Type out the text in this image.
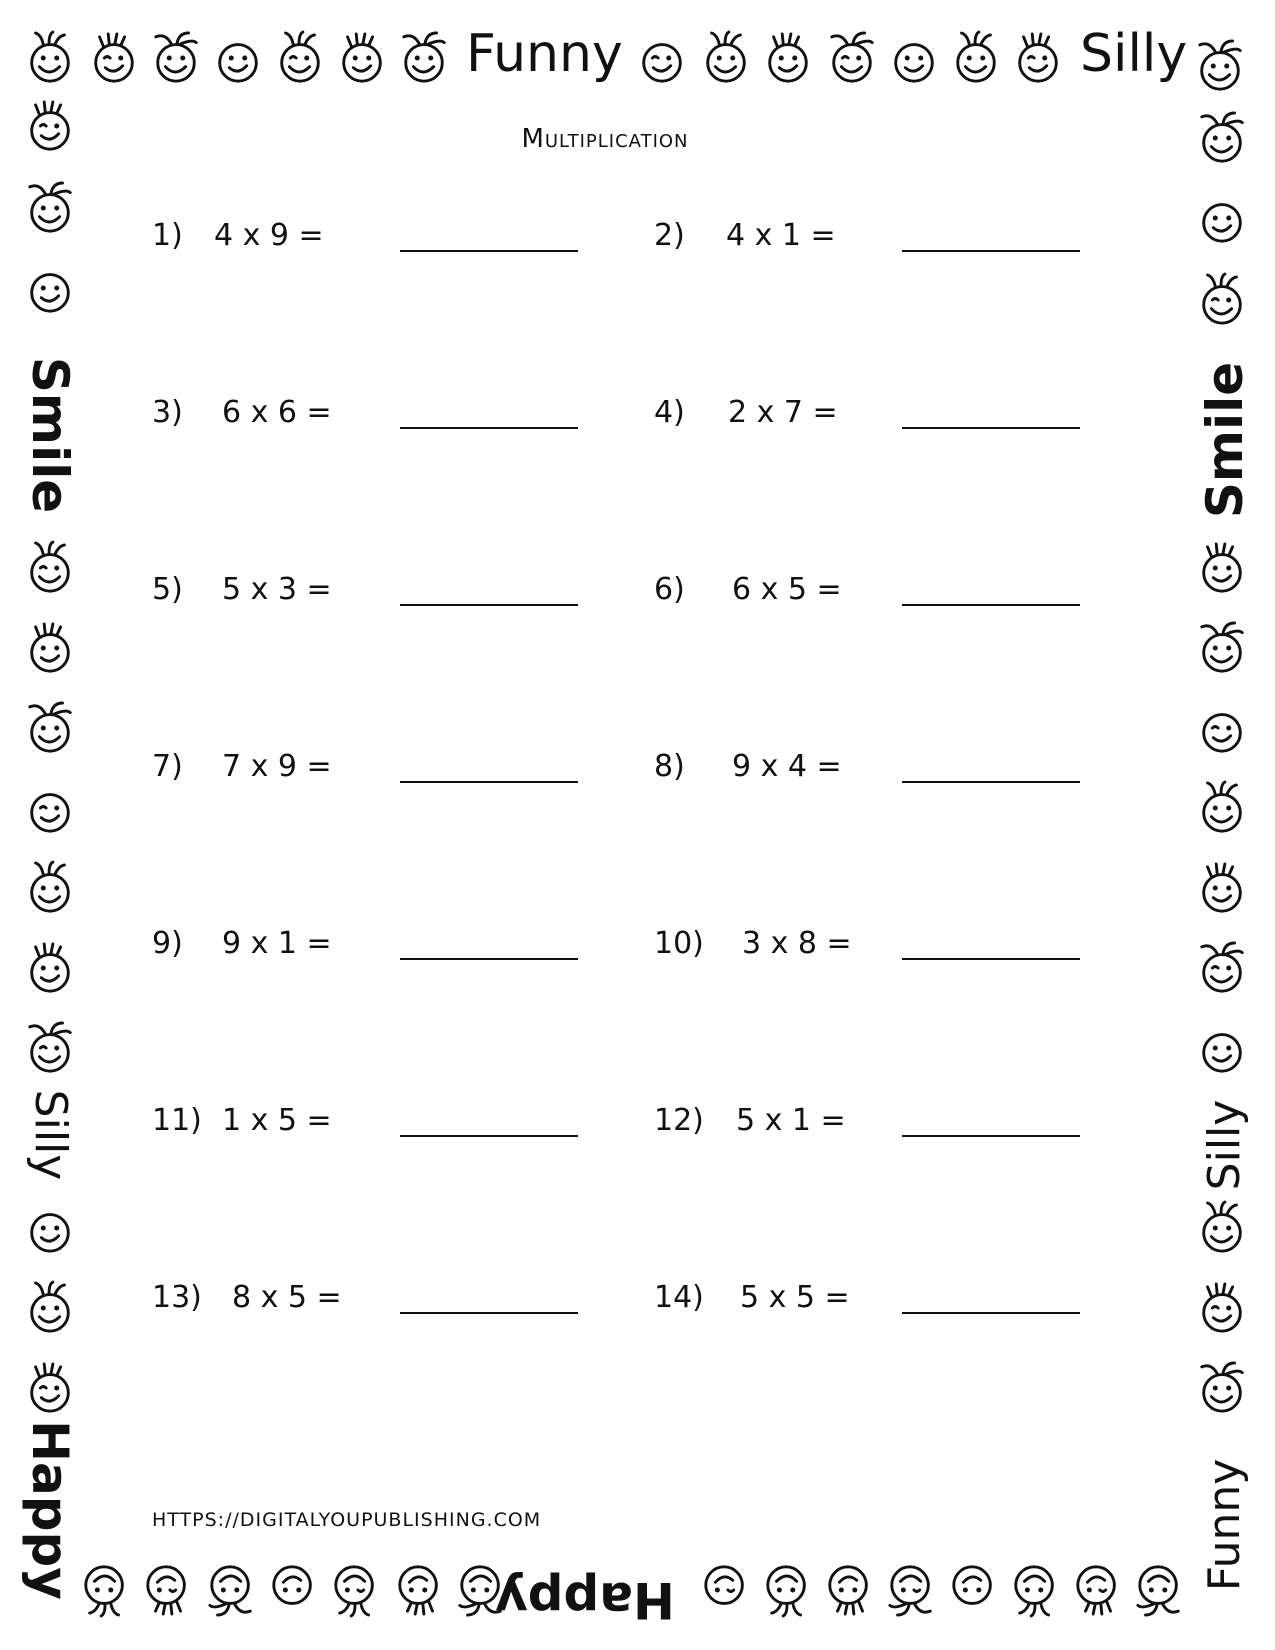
Multiplication
1) 4 x 9 =	2) 4 x 1 =
3) 6 x 6 =	4) 2 x 7 =
5) 5 x 3 =	6) 6 x 5 =
7) 7 x 9 =	8) 9 x 4 =
9) 9 x 1 =	10) 3 x 8 =
11) 1 x 5 =	12) 5 x 1 =
13) 8 x 5 =	14) 5 x 5 =
HTTPS://DIGITALYOUPUBLISHING.COM
Funny	Silly
Smile
Silly
Happy
Smile
Silly
Funny
Happy
